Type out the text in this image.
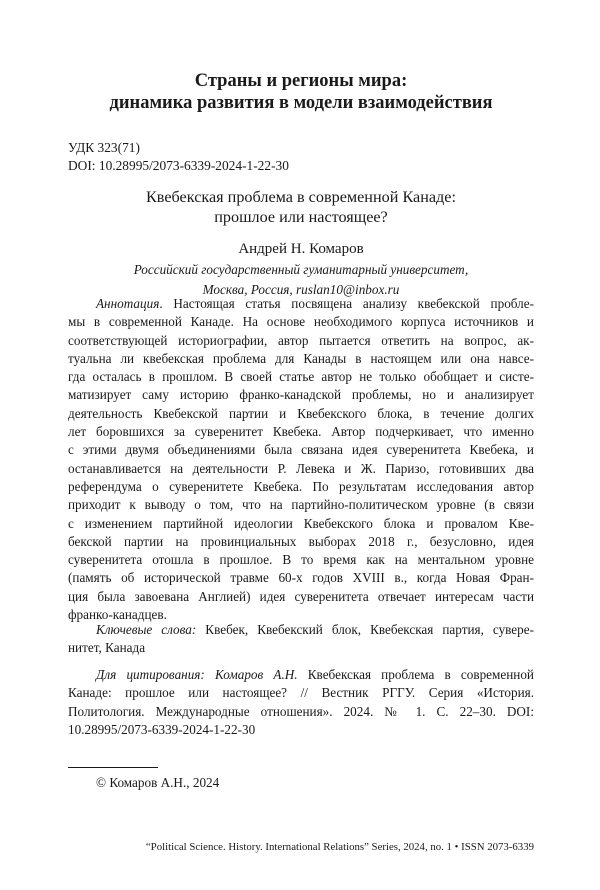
Страны и регионы мира:
динамика развития в модели взаимодействия
УДК 323(71)
DOI: 10.28995/2073-6339-2024-1-22-30
Квебекская проблема в современной Канаде:
прошлое или настоящее?
Андрей Н. Комаров
Российский государственный гуманитарный университет,
Москва, Россия, ruslan10@inbox.ru
Аннотация. Настоящая статья посвящена анализу квебекской пробле-
мы в современной Канаде. На основе необходимого корпуса источников и
соответствующей историографии, автор пытается ответить на вопрос, ак-
туальна ли квебекская проблема для Канады в настоящем или она навсе-
гда осталась в прошлом. В своей статье автор не только обобщает и систе-
матизирует саму историю франко-канадской проблемы, но и анализирует
деятельность Квебекской партии и Квебекского блока, в течение долгих
лет боровшихся за суверенитет Квебека. Автор подчеркивает, что именно
с этими двумя объединениями была связана идея суверенитета Квебека, и
останавливается на деятельности Р. Левека и Ж. Паризо, готовивших два
референдума о суверенитете Квебека. По результатам исследования автор
приходит к выводу о том, что на партийно-политическом уровне (в связи
с изменением партийной идеологии Квебекского блока и провалом Кве-
бекской партии на провинциальных выборах 2018 г., безусловно, идея
суверенитета отошла в прошлое. В то время как на ментальном уровне
(память об исторической травме 60-х годов XVIII в., когда Новая Фран-
ция была завоевана Англией) идея суверенитета отвечает интересам части
франко-канадцев.
Ключевые слова: Квебек, Квебекский блок, Квебекская партия, сувере-
нитет, Канада
Для цитирования: Комаров А.Н. Квебекская проблема в современной
Канаде: прошлое или настоящее? // Вестник РГГУ. Серия «История.
Политология. Международные отношения». 2024. № 1. С. 22–30. DOI:
10.28995/2073-6339-2024-1-22-30
© Комаров А.Н., 2024
“Political Science. History. International Relations” Series, 2024, no. 1 • ISSN 2073-6339
